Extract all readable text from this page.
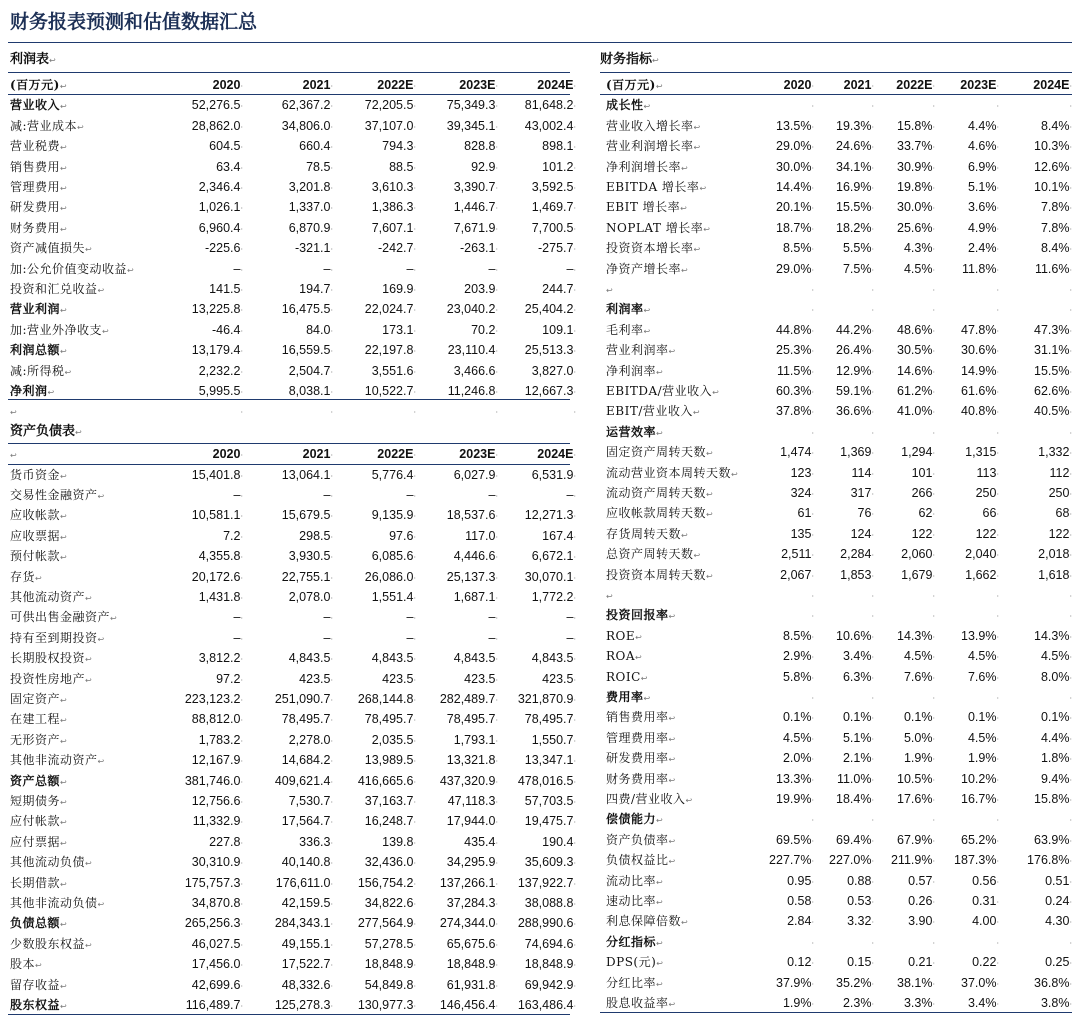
财务报表预测和估值数据汇总
利润表↩	财务指标↩
(百万元)↩	2020·	2021·	2022E·	2023E·	2024E·
营业收入↩	52,276.5·	62,367.2·	72,205.5·	75,349.3·	81,648.2·
减:营业成本↩	28,862.0·	34,806.0·	37,107.0·	39,345.1·	43,002.4·
营业税费↩	604.5·	660.4·	794.3·	828.8·	898.1·
销售费用↩	63.4·	78.5·	88.5·	92.9·	101.2·
管理费用↩	2,346.4·	3,201.8·	3,610.3·	3,390.7·	3,592.5·
研发费用↩	1,026.1·	1,337.0·	1,386.3·	1,446.7·	1,469.7·
财务费用↩	6,960.4·	6,870.9·	7,607.1·	7,671.9·	7,700.5·
资产减值损失↩	-225.6·	-321.1·	-242.7·	-263.1·	-275.7·
加:公允价值变动收益↩	–·	–·	–·	–·	–·
投资和汇兑收益↩	141.5·	194.7·	169.9·	203.9·	244.7·
营业利润↩	13,225.8·	16,475.5·	22,024.7·	23,040.2·	25,404.2·
加:营业外净收支↩	-46.4·	84.0·	173.1·	70.2·	109.1·
利润总额↩	13,179.4·	16,559.5·	22,197.8·	23,110.4·	25,513.3·
减:所得税↩	2,232.2·	2,504.7·	3,551.6·	3,466.6·	3,827.0·
净利润↩	5,995.5·	8,038.1·	10,522.7·	11,246.8·	12,667.3·
↩	·	·	·	·	·
资产负债表↩
↩	2020·	2021·	2022E·	2023E·	2024E·
货币资金↩	15,401.8·	13,064.1·	5,776.4·	6,027.9·	6,531.9·
交易性金融资产↩	–·	–·	–·	–·	–·
应收帐款↩	10,581.1·	15,679.5·	9,135.9·	18,537.6·	12,271.3·
应收票据↩	7.2·	298.5·	97.6·	117.0·	167.4·
预付帐款↩	4,355.8·	3,930.5·	6,085.6·	4,446.6·	6,672.1·
存货↩	20,172.6·	22,755.1·	26,086.0·	25,137.3·	30,070.1·
其他流动资产↩	1,431.8·	2,078.0·	1,551.4·	1,687.1·	1,772.2·
可供出售金融资产↩	–·	–·	–·	–·	–·
持有至到期投资↩	–·	–·	–·	–·	–·
长期股权投资↩	3,812.2·	4,843.5·	4,843.5·	4,843.5·	4,843.5·
投资性房地产↩	97.2·	423.5·	423.5·	423.5·	423.5·
固定资产↩	223,123.2·	251,090.7·	268,144.8·	282,489.7·	321,870.9·
在建工程↩	88,812.0·	78,495.7·	78,495.7·	78,495.7·	78,495.7·
无形资产↩	1,783.2·	2,278.0·	2,035.5·	1,793.1·	1,550.7·
其他非流动资产↩	12,167.9·	14,684.2·	13,989.5·	13,321.8·	13,347.1·
资产总额↩	381,746.0·	409,621.4·	416,665.6·	437,320.9·	478,016.5·
短期债务↩	12,756.6·	7,530.7·	37,163.7·	47,118.3·	57,703.5·
应付帐款↩	11,332.9·	17,564.7·	16,248.7·	17,944.0·	19,475.7·
应付票据↩	227.8·	336.3·	139.8·	435.4·	190.4·
其他流动负债↩	30,310.9·	40,140.8·	32,436.0·	34,295.9·	35,609.3·
长期借款↩	175,757.3·	176,611.0·	156,754.2·	137,266.1·	137,922.7·
其他非流动负债↩	34,870.8·	42,159.5·	34,822.6·	37,284.3·	38,088.8·
负债总额↩	265,256.3·	284,343.1·	277,564.9·	274,344.0·	288,990.6·
少数股东权益↩	46,027.5·	49,155.1·	57,278.5·	65,675.6·	74,694.6·
股本↩	17,456.0·	17,522.7·	18,848.9·	18,848.9·	18,848.9·
留存收益↩	42,699.6·	48,332.6·	54,849.8·	61,931.8·	69,942.9·
股东权益↩	116,489.7·	125,278.3·	130,977.3·	146,456.4·	163,486.4·
(百万元)↩	2020·	2021·	2022E·	2023E·	2024E·
成长性↩	·	·	·	·	·
营业收入增长率↩	13.5%·	19.3%·	15.8%·	4.4%·	8.4%·
营业利润增长率↩	29.0%·	24.6%·	33.7%·	4.6%·	10.3%·
净利润增长率↩	30.0%·	34.1%·	30.9%·	6.9%·	12.6%·
EBITDA 增长率↩	14.4%·	16.9%·	19.8%·	5.1%·	10.1%·
EBIT 增长率↩	20.1%·	15.5%·	30.0%·	3.6%·	7.8%·
NOPLAT 增长率↩	18.7%·	18.2%·	25.6%·	4.9%·	7.8%·
投资资本增长率↩	8.5%·	5.5%·	4.3%·	2.4%·	8.4%·
净资产增长率↩	29.0%·	7.5%·	4.5%·	11.8%·	11.6%·
↩	·	·	·	·	·
利润率↩	·	·	·	·	·
毛利率↩	44.8%·	44.2%·	48.6%·	47.8%·	47.3%·
营业利润率↩	25.3%·	26.4%·	30.5%·	30.6%·	31.1%·
净利润率↩	11.5%·	12.9%·	14.6%·	14.9%·	15.5%·
EBITDA/营业收入↩	60.3%·	59.1%·	61.2%·	61.6%·	62.6%·
EBIT/营业收入↩	37.8%·	36.6%·	41.0%·	40.8%·	40.5%·
运营效率↩	·	·	·	·	·
固定资产周转天数↩	1,474·	1,369·	1,294·	1,315·	1,332·
流动营业资本周转天数↩	123·	114·	101·	113·	112·
流动资产周转天数↩	324·	317·	266·	250·	250·
应收帐款周转天数↩	61·	76·	62·	66·	68·
存货周转天数↩	135·	124·	122·	122·	122·
总资产周转天数↩	2,511·	2,284·	2,060·	2,040·	2,018·
投资资本周转天数↩	2,067·	1,853·	1,679·	1,662·	1,618·
↩	·	·	·	·	·
投资回报率↩	·	·	·	·	·
ROE↩	8.5%·	10.6%·	14.3%·	13.9%·	14.3%·
ROA↩	2.9%·	3.4%·	4.5%·	4.5%·	4.5%·
ROIC↩	5.8%·	6.3%·	7.6%·	7.6%·	8.0%·
费用率↩	·	·	·	·	·
销售费用率↩	0.1%·	0.1%·	0.1%·	0.1%·	0.1%·
管理费用率↩	4.5%·	5.1%·	5.0%·	4.5%·	4.4%·
研发费用率↩	2.0%·	2.1%·	1.9%·	1.9%·	1.8%·
财务费用率↩	13.3%·	11.0%·	10.5%·	10.2%·	9.4%·
四费/营业收入↩	19.9%·	18.4%·	17.6%·	16.7%·	15.8%·
偿债能力↩	·	·	·	·	·
资产负债率↩	69.5%·	69.4%·	67.9%·	65.2%·	63.9%·
负债权益比↩	227.7%·	227.0%·	211.9%·	187.3%·	176.8%·
流动比率↩	0.95·	0.88·	0.57·	0.56·	0.51·
速动比率↩	0.58·	0.53·	0.26·	0.31·	0.24·
利息保障倍数↩	2.84·	3.32·	3.90·	4.00·	4.30·
分红指标↩	·	·	·	·	·
DPS(元)↩	0.12·	0.15·	0.21·	0.22·	0.25·
分红比率↩	37.9%·	35.2%·	38.1%·	37.0%·	36.8%·
股息收益率↩	1.9%·	2.3%·	3.3%·	3.4%·	3.8%·
